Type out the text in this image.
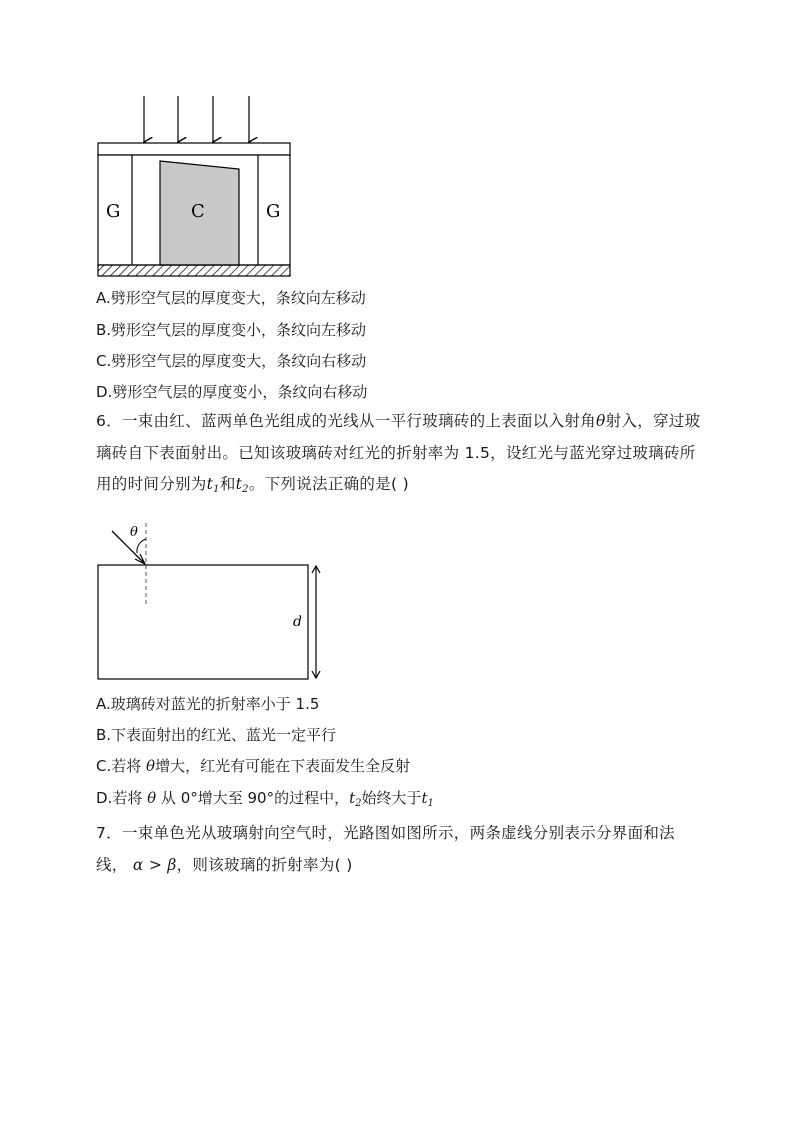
G	C	G
A.劈形空气层的厚度变大，条纹向左移动
B.劈形空气层的厚度变小，条纹向左移动
C.劈形空气层的厚度变大，条纹向右移动
D.劈形空气层的厚度变小，条纹向右移动
6．一束由红、蓝两单色光组成的光线从一平行玻璃砖的上表面以入射角θ射入，穿过玻璃砖自下表面射出。已知该玻璃砖对红光的折射率为 1.5，设红光与蓝光穿过玻璃砖所用的时间分别为$t_1$和$t_2$。下列说法正确的是( )
θ
d
A.玻璃砖对蓝光的折射率小于 1.5
B.下表面射出的红光、蓝光一定平行
C.若将 θ增大，红光有可能在下表面发生全反射
D.若将 θ 从 0°增大至 90°的过程中，$t_2$始终大于$t_1$
7．一束单色光从玻璃射向空气时，光路图如图所示，两条虚线分别表示分界面和法线， α > β，则该玻璃的折射率为( )
